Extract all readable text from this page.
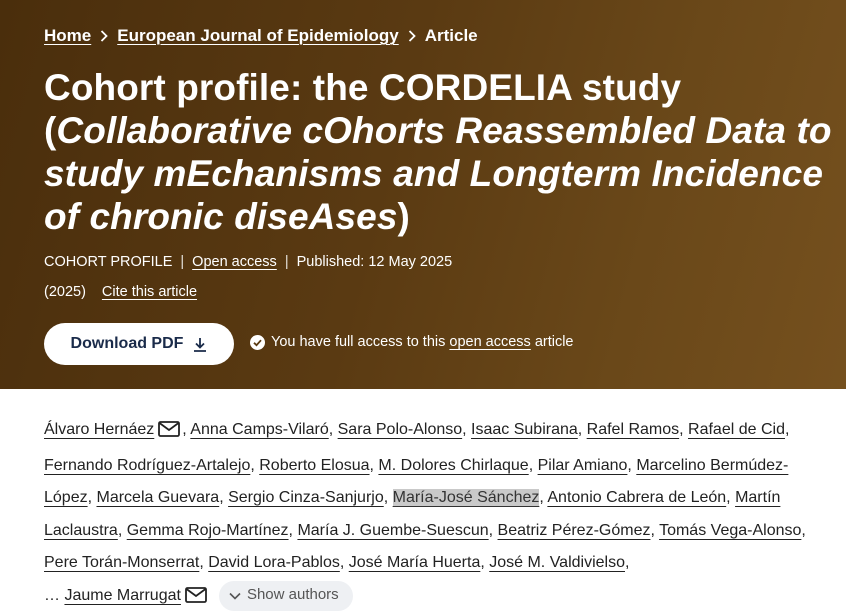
Home European Journal of Epidemiology Article
Cohort profile: the CORDELIA study
(Collaborative cOhorts Reassembled Data to study mEchanisms and Longterm Incidence of chronic diseAses)
COHORT PROFILE | Open access | Published: 12 May 2025
(2025) Cite this article
Download PDF	You have full access to this open access article
Álvaro Hernáez , Anna Camps-Vilaró, Sara Polo-Alonso, Isaac Subirana, Rafel Ramos, Rafael de Cid, Fernando Rodríguez-Artalejo, Roberto Elosua, M. Dolores Chirlaque, Pilar Amiano, Marcelino Bermúdez-López, Marcela Guevara, Sergio Cinza-Sanjurjo, María-José Sánchez, Antonio Cabrera de León, Martín Laclaustra, Gemma Rojo-Martínez, María J. Guembe-Suescun, Beatriz Pérez-Gómez, Tomás Vega-Alonso, Pere Torán-Monserrat, David Lora-Pablos, José María Huerta, José M. Valdivielso,
… Jaume Marrugat	Show authors
